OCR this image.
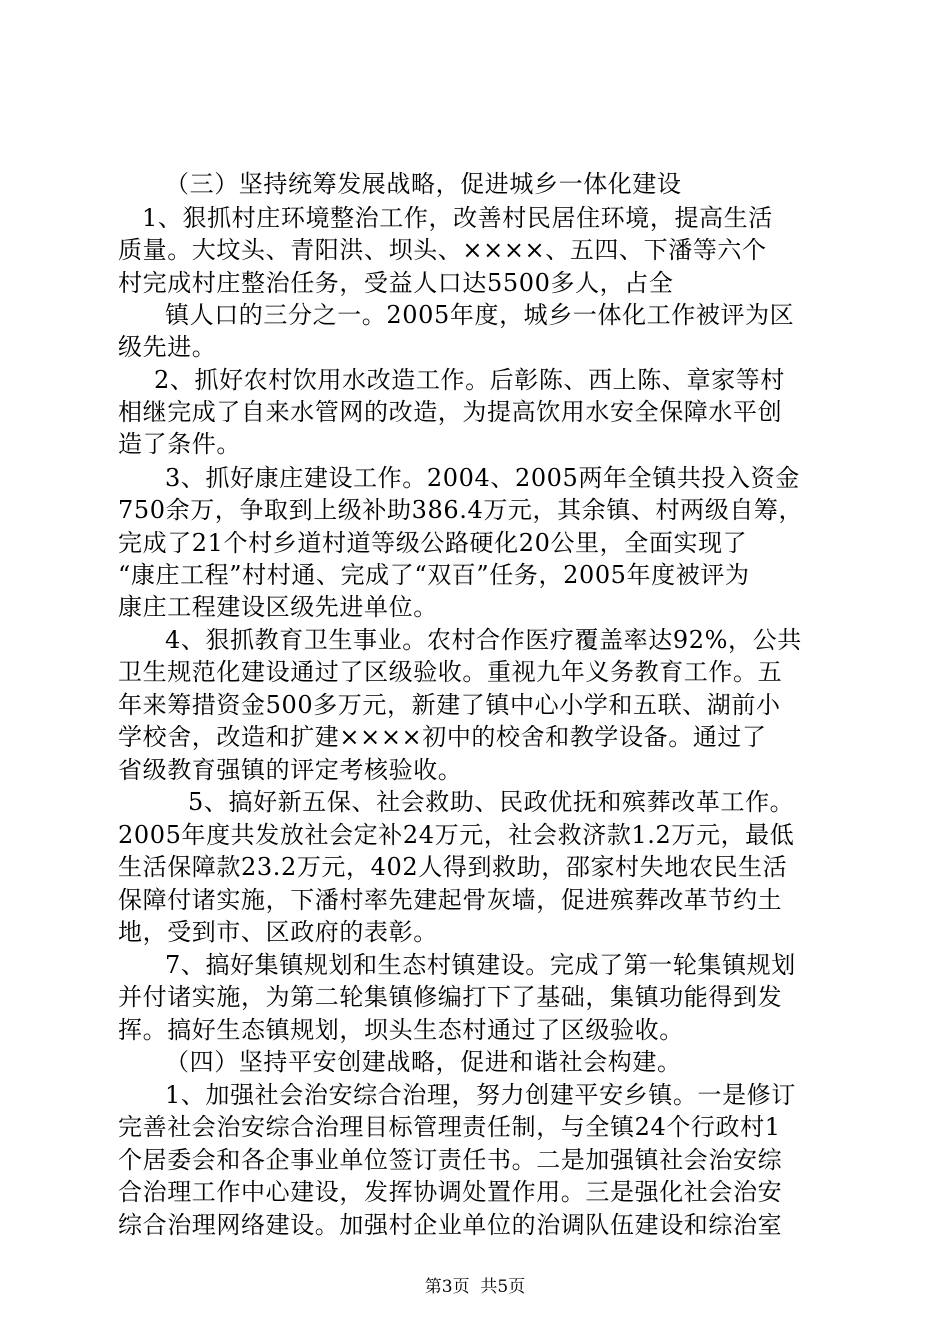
（三）坚持统筹发展战略，促进城乡一体化建设
1、狠抓村庄环境整治工作，改善村民居住环境，提高生活
质量。大坟头、青阳洪、坝头、××××、五四、下潘等六个
村完成村庄整治任务，受益人口达5500多人，占全
镇人口的三分之一。2005年度，城乡一体化工作被评为区
级先进。
2、抓好农村饮用水改造工作。后彰陈、西上陈、章家等村
相继完成了自来水管网的改造，为提高饮用水安全保障水平创
造了条件。
3、抓好康庄建设工作。2004、2005两年全镇共投入资金
750余万，争取到上级补助386.4万元，其余镇、村两级自筹，
完成了21个村乡道村道等级公路硬化20公里，全面实现了
“康庄工程”村村通、完成了“双百”任务，2005年度被评为
康庄工程建设区级先进单位。
4、狠抓教育卫生事业。农村合作医疗覆盖率达92%，公共
卫生规范化建设通过了区级验收。重视九年义务教育工作。五
年来筹措资金500多万元，新建了镇中心小学和五联、湖前小
学校舍，改造和扩建××××初中的校舍和教学设备。通过了
省级教育强镇的评定考核验收。
5、搞好新五保、社会救助、民政优抚和殡葬改革工作。
2005年度共发放社会定补24万元，社会救济款1.2万元，最低
生活保障款23.2万元，402人得到救助，邵家村失地农民生活
保障付诸实施，下潘村率先建起骨灰墙，促进殡葬改革节约土
地，受到市、区政府的表彰。
7、搞好集镇规划和生态村镇建设。完成了第一轮集镇规划
并付诸实施，为第二轮集镇修编打下了基础，集镇功能得到发
挥。搞好生态镇规划，坝头生态村通过了区级验收。
（四）坚持平安创建战略，促进和谐社会构建。
1、加强社会治安综合治理，努力创建平安乡镇。一是修订
完善社会治安综合治理目标管理责任制，与全镇24个行政村1
个居委会和各企事业单位签订责任书。二是加强镇社会治安综
合治理工作中心建设，发挥协调处置作用。三是强化社会治安
综合治理网络建设。加强村企业单位的治调队伍建设和综治室
第3页  共5页
